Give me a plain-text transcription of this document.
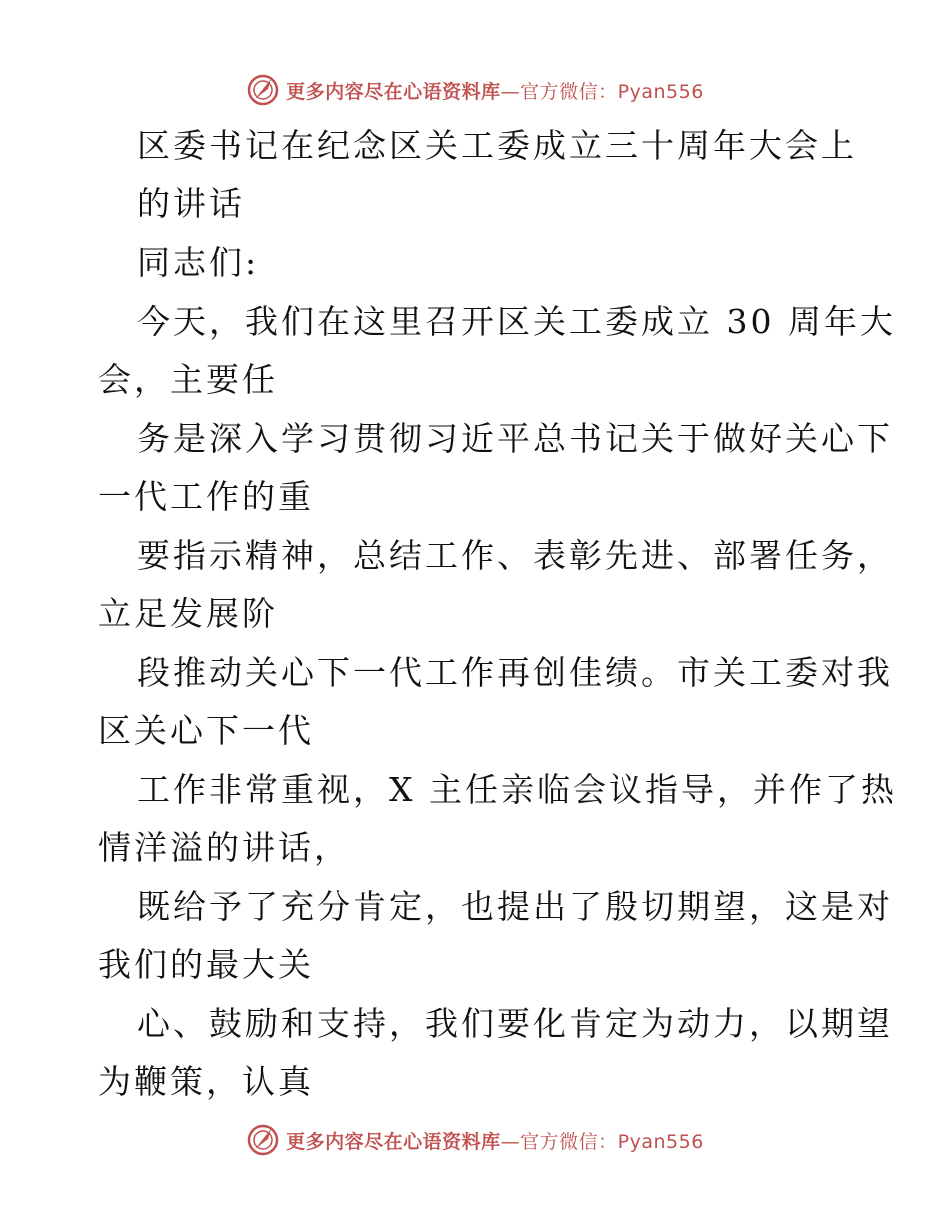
更多内容尽在心语资料库—官方微信：Pyan556
区委书记在纪念区关工委成立三十周年大会上
的讲话
同志们:
今天，我们在这里召开区关工委成立 30 周年大
会，主要任
务是深入学习贯彻习近平总书记关于做好关心下
一代工作的重
要指示精神，总结工作、表彰先进、部署任务，
立足发展阶
段推动关心下一代工作再创佳绩。市关工委对我
区关心下一代
工作非常重视，X 主任亲临会议指导，并作了热
情洋溢的讲话，
既给予了充分肯定，也提出了殷切期望，这是对
我们的最大关
心、鼓励和支持，我们要化肯定为动力，以期望
为鞭策，认真
更多内容尽在心语资料库—官方微信：Pyan556
